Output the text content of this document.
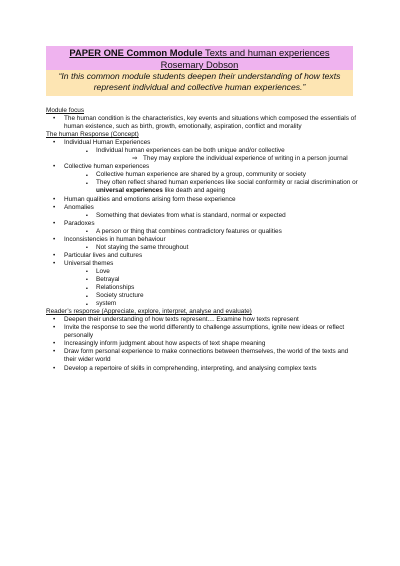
PAPER ONE Common Module Texts and human experiences
Rosemary Dobson
“In this common module students deepen their understanding of how texts represent individual and collective human experiences.”
Module focus
• The human condition is the characteristics, key events and situations which composed the essentials of human existence, such as birth, growth, emotionally, aspiration, conflict and morality
The human Response (Concept)
• Individual Human Experiences
▪ Individual human experiences can be both unique and/or collective
⇒ They may explore the individual experience of writing in a person journal
• Collective human experiences
▪ Collective human experience are shared by a group, community or society
▪ They often reflect shared human experiences like social conformity or racial discrimination or universal experiences like death and ageing
• Human qualities and emotions arising form these experience
• Anomalies
▪ Something that deviates from what is standard, normal or expected
• Paradoxes
▪ A person or thing that combines contradictory features or qualities
• Inconsistencies in human behaviour
▪ Not staying the same throughout
• Particular lives and cultures
• Universal themes
▪ Love
▪ Betrayal
▪ Relationships
▪ Society structure
▪ system
Reader’s response (Appreciate, explore, interpret, analyse and evaluate)
• Deepen their understanding of how texts represent.... Examine how texts represent
• Invite the response to see the world differently to challenge assumptions, ignite new ideas or reflect personally
• Increasingly inform judgment about how aspects of text shape meaning
• Draw form personal experience to make connections between themselves, the world of the texts and their wider world
• Develop a repertoire of skills in comprehending, interpreting, and analysing complex texts
